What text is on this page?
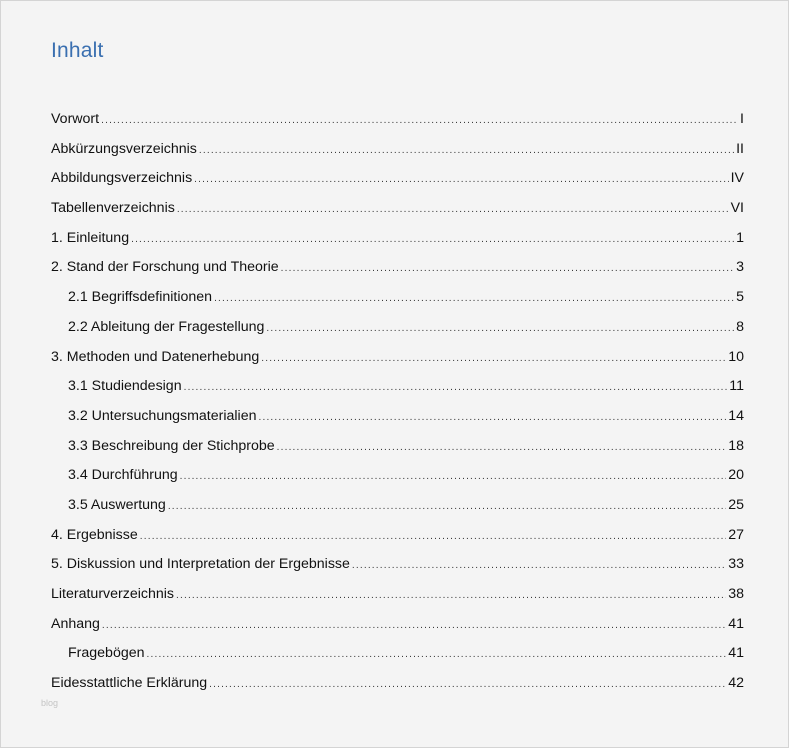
Inhalt
Vorwort .....	I
Abkürzungsverzeichnis .....	II
Abbildungsverzeichnis .....	IV
Tabellenverzeichnis .....	VI
1. Einleitung .....	1
2. Stand der Forschung und Theorie .....	3
2.1 Begriffsdefinitionen .....	5
2.2 Ableitung der Fragestellung .....	8
3. Methoden und Datenerhebung .....	10
3.1 Studiendesign .....	11
3.2 Untersuchungsmaterialien .....	14
3.3 Beschreibung der Stichprobe .....	18
3.4 Durchführung .....	20
3.5 Auswertung .....	25
4. Ergebnisse .....	27
5. Diskussion und Interpretation der Ergebnisse .....	33
Literaturverzeichnis .....	38
Anhang .....	41
Fragebögen .....	41
Eidesstattliche Erklärung .....	42
blog
